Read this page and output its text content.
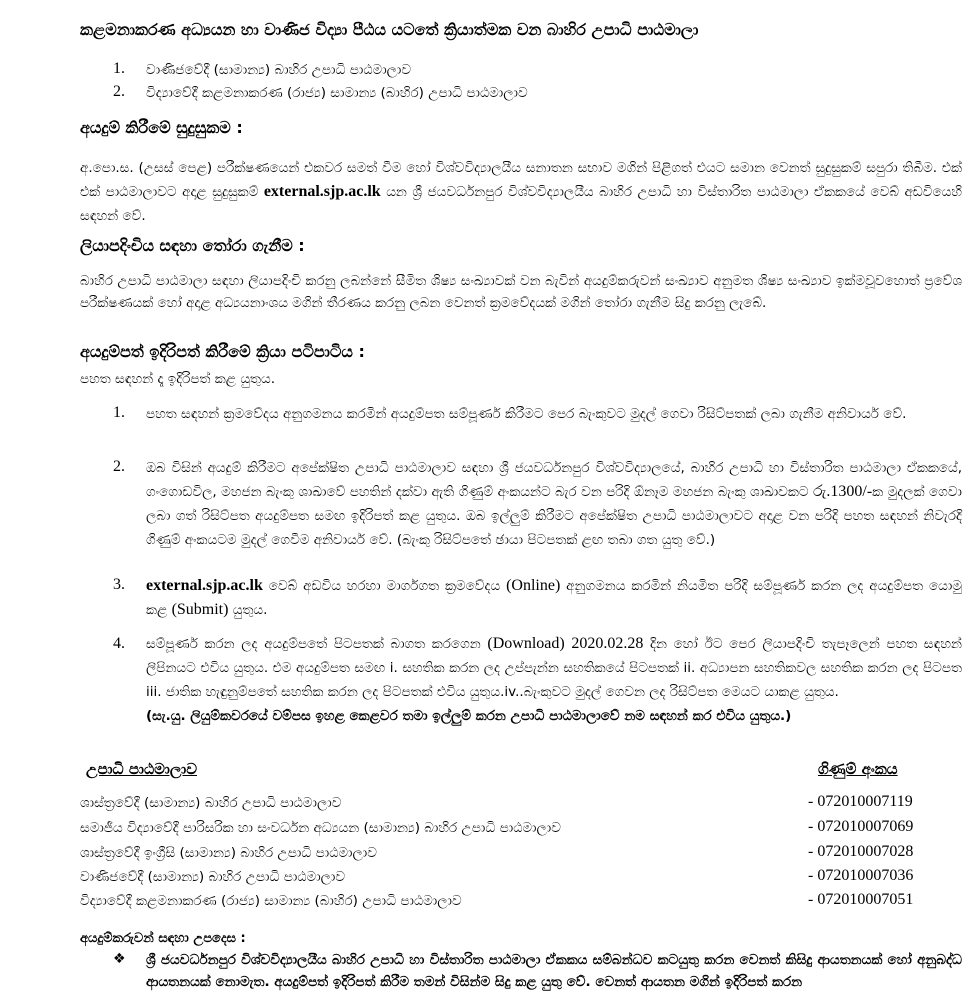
කළමනාකරණ අධ්‍යයන හා වාණිජ විද්‍යා පීඨය යටතේ ක්‍රියාත්මක වන බාහිර උපාධි පාඨමාලා
1. වාණිජවේදී (සාමාන්‍ය) බාහිර උපාධි පාඨමාලාව
2. විද්‍යාවේදී කළමනාකරණ (රාජ්‍ය) සාමාන්‍ය (බාහිර) උපාධි පාඨමාලාව
අයදුම් කිරීමේ සුදුසුකම :
අ.පො.ස. (උසස් පෙළ) පරීක්ෂණයෙන් එකවර සමත් වීම හෝ විශ්වවිද්‍යාලයීය සනාතන සභාව මගින් පිළිගත් එයට සමාන වෙනත් සුදුසුකම් සපුරා තිබීම. එක් එක් පාඨමාලාවට අදාළ සුදුසුකම් external.sjp.ac.lk යන ශ්‍රී ජයවර්ධනපුර විශ්වවිද්‍යාලයීය බාහිර උපාධි හා විස්තාරිත පාඨමාලා ඒකකයේ වෙබ් අඩවියෙහි සඳහන් වේ.
ලියාපදිංචිය සඳහා තෝරා ගැනීම :
බාහිර උපාධි පාඨමාලා සඳහා ලියාපදිංචි කරනු ලබන්නේ සීමිත ශිෂ්‍ය සංඛ්‍යාවක් වන බැවින් අයදුම්කරුවන් සංඛ්‍යාව අනුමත ශිෂ්‍ය සංඛ්‍යාව ඉක්මවූවහොත් ප්‍රවේශ පරීක්ෂණයක් හෝ අදාළ අධ්‍යයනාංශය මගින් තීරණය කරනු ලබන වෙනත් ක්‍රමවේදයක් මගින් තෝරා ගැනීම සිදු කරනු ලැබේ.
අයදුම්පත් ඉදිරිපත් කිරීමේ ක්‍රියා පටිපාටිය :
පහත සඳහන් දෑ ඉදිරිපත් කළ යුතුය.
1. පහත සඳහන් ක්‍රමවේදය අනුගමනය කරමින් අයදුම්පත සම්පූර්ණ කිරීමට පෙර බැංකුවට මුදල් ගෙවා රිසිට්පතක් ලබා ගැනීම අනිවාර්ය වේ.
2. ඔබ විසින් අයදුම් කිරීමට අපේක්ෂිත උපාධි පාඨමාලාව සඳහා ශ්‍රී ජයවර්ධනපුර විශ්වවිද්‍යාලයේ, බාහිර උපාධි හා විස්තාරිත පාඨමාලා ඒකකයේ, ගංගොඩවිල, මහජන බැංකු ශාඛාවේ පහතින් දක්වා ඇති ගිණුම් අංකයන්ට බැර වන පරිදි ඕනෑම මහජන බැංකු ශාඛාවකට රු.1300/-ක මුදලක් ගෙවා ලබා ගත් රිසිට්පත අයදුම්පත සමඟ ඉදිරිපත් කළ යුතුය. ඔබ ඉල්ලුම් කිරීමට අපේක්ෂිත උපාධි පාඨමාලාවට අදාළ වන පරිදි පහත සඳහන් නිවැරදි ගිණුම් අංකයටම මුදල් ගෙවීම අනිවාර්ය වේ. (බැංකු රිසිට්පතේ ඡායා පිටපතක් ළඟ තබා ගත යුතු වේ.)
3. external.sjp.ac.lk වෙබ් අඩවිය හරහා මාර්ගගත ක්‍රමවේදය (Online) අනුගමනය කරමින් නියමිත පරිදි සම්පූර්ණ කරන ලද අයදුම්පත යොමු කළ (Submit) යුතුය.
4. සම්පූර්ණ කරන ලද අයදුම්පතේ පිටපතක් බාගත කරගෙන (Download) 2020.02.28 දින හෝ ඊට පෙර ලියාපදිංචි තැපෑලෙන් පහත සඳහන් ලිපිනයට එවිය යුතුය. එම අයදුම්පත සමඟ i. සහතික කරන ලද උප්පැන්න සහතිකයේ පිටපතක් ii. අධ්‍යාපන සහතිකවල සහතික කරන ලද පිටපත iii. ජාතික හැඳුනුම්පතේ සහතික කරන ලද පිටපතක් එවිය යුතුය.iv..බැංකුවට මුදල් ගෙවන ලද රිසිට්පත මෙයට යාකළ යුතුය.
(සැ.යු. ලියුම්කවරයේ වම්පස ඉහළ කෙළවර තමා ඉල්ලුම් කරන උපාධි පාඨමාලාවේ නම සඳහන් කර එවිය යුතුය.)
උපාධි පාඨමාලාව	ගිණුම් අංකය
ශාස්ත්‍රවේදී (සාමාන්‍ය) බාහිර උපාධි පාඨමාලාව	- 072010007119
සමාජීය විද්‍යාවේදී පාරිසරික හා සංවර්ධන අධ්‍යයන (සාමාන්‍ය) බාහිර උපාධි පාඨමාලාව	- 072010007069
ශාස්ත්‍රවේදී ඉංග්‍රීසි (සාමාන්‍ය) බාහිර උපාධි පාඨමාලාව	- 072010007028
වාණිජවේදී (සාමාන්‍ය) බාහිර උපාධි පාඨමාලාව	- 072010007036
විද්‍යාවේදී කළමනාකරණ (රාජ්‍ය) සාමාන්‍ය (බාහිර) උපාධි පාඨමාලාව	- 072010007051
අයදුම්කරුවන් සඳහා උපදෙස :
❖ ශ්‍රී ජයවර්ධනපුර විශ්වවිද්‍යාලයීය බාහිර උපාධි හා විස්තාරිත පාඨමාලා ඒකකය සම්බන්ධව කටයුතු කරන වෙනත් කිසිදු ආයතනයක් හෝ අනුබද්ධ ආයතනයක් නොමැත. අයදුම්පත් ඉදිරිපත් කිරීම තමන් විසින්ම සිදු කළ යුතු වේ. වෙනත් ආයතන මගින් ඉදිරිපත් කරන
